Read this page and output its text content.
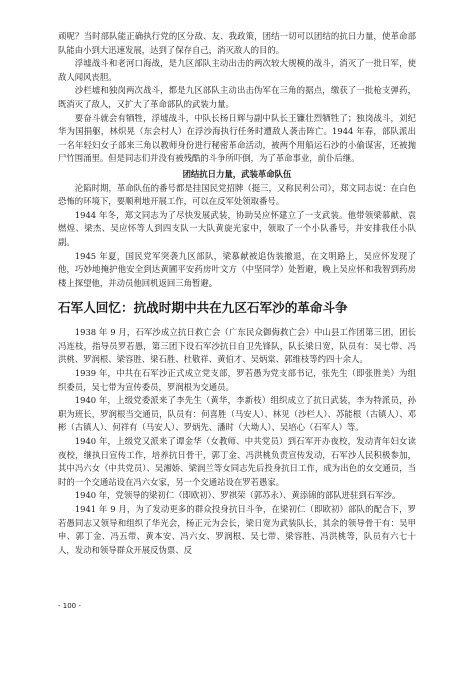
顽呢？当时部队能正确执行党的区分敌、友、我政策，团结一切可以团结的抗日力量，使革命部队能由小到大迅速发展，达到了保存自己，消灭敌人的目的。

浮墟战斗和老河口海战，是九区部队主动出击的两次较大规模的战斗，消灭了一批日军，使敌人闻风丧胆。

沙栏墟和独岗两次战斗，都是九区部队主动出击伪军在三角的据点，缴获了一批枪支弹药，既消灭了敌人，又扩大了革命部队的武装力量。

要奋斗就会有牺牲，浮墟战斗，中队长杨日辉与副中队长王镰壮烈牺牲了；独岗战斗，刘纪华为国捐躯，林炽晃（东会村人）在浮沙海执行任务时遭敌人袭击阵亡。1944 年春，部队派出一名年轻妇女子部来三角以教师身份进行秘密革命活动，被两个用船运石沙的小偷谋害，还被抛尸竹围涌里。但是同志们并没有被残酷的斗争所吓倒，为了革命事业，前仆后继。

团结抗日力量，武装革命队伍

沦陷时期，革命队伍的番号都是挂国民党招牌（挺三，又称民利公司），郑文同志说：在白色恐怖的环境下，要顺利地开展工作，可以在反军处领取番号。

1944 年冬，郑文同志为了尽快发展武装，协助吴应怀建立了一支武装。他带领梁慕献、袁燃煌、梁杰、吴应怀等人到四支队一大队黄旋光家中，领取了一个小队番号，并安排我任小队副。

1945 年夏，国民党军突袭九区部队，梁慕献被追伪装撤退，在文明路上，吴应怀发现了他，巧妙地掩护他安全到达黄圃平安药房叶文方（中坚同学）处暂避，晚上吴应怀和我智到药房楼上探望他，并动员他回机返回三角暂避。

石军人回忆：抗战时期中共在九区石军沙的革命斗争

1938 年 9 月，石军沙成立抗日救亡会（广东民众御侮救亡会）中山县工作团第三团，团长冯连枝，指导员罗若愚，第三团下设石军沙抗日自卫先锋队，队长梁日宽，队员有：吴七带、冯洪桃、罗润根、梁容胜、梁石胜、杜敬祥、黄伯才、吴炳棠、郭维枝等约四十余人。

1939 年，中共在石军沙正式成立党支部，罗若愚为党支部书记，张先生（即张胜美）为组织委员，吴七带为宣传委员，罗润根为交通员。

1940 年，上级党委派来了李先生（黄华，李新枝）组织成立了抗日武装，李为特派员，孙职为班长，罗润根当交通员，队员有：何喜胜（马安人）、林见（沙栏人）、苏能根（古镇人）、邓彬（古镇人）、何祥有（马安人）、罗炳先、潘时（大坳人）、吴培心（石军人）等。

1940 年，上级党又派来了谭金华（女教师、中共党员）到石军开办夜校，发动青年妇女读夜校，继执日宣传工作，培养抗日骨干，郭丁金、冯洪桃负责宣传发动，石军沙人民积极参加，其中冯六女（中共党员）、吴湘娇、梁润兰等女同志先后投身抗日工作，成为出色的女交通员，当时的一个交通站设在冯六女家，另一个交通站设在罗若愚家。

1940 年，党领导的梁初仁（即欧初）、罗祺荣（郭苏永）、黄添锦的部队进驻到石军沙。

1941 年 9 月，为了发动更多的群众投身抗日斗争，在梁初仁（即欧初）部队的配合下，罗若愚同志又领导和组织了华光会，杨正元为会长，梁日宽为武装队长，其余的领导骨干有：吴甲申、郭丁金、冯五带、黄本安、冯六女、罗润根、吴七带、梁容胜、冯洪桃等，队员有六七十人，发动和领导群众开展反伪票、反

- 100 -
